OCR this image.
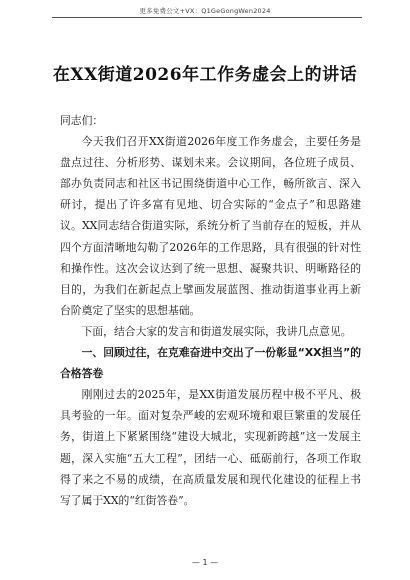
更多免费公文+VX：Q1GeGongWen2024
在XX街道2026年工作务虚会上的讲话

同志们：

今天我们召开XX街道2026年度工作务虚会，主要任务是盘点过往、分析形势、谋划未来。会议期间，各位班子成员、部办负责同志和社区书记围绕街道中心工作，畅所欲言、深入研讨，提出了许多富有见地、切合实际的“金点子”和思路建议。XX同志结合街道实际，系统分析了当前存在的短板，并从四个方面清晰地勾勒了2026年的工作思路，具有很强的针对性和操作性。这次会议达到了统一思想、凝聚共识、明晰路径的目的，为我们在新起点上擘画发展蓝图、推动街道事业再上新台阶奠定了坚实的思想基础。

下面，结合大家的发言和街道发展实际，我讲几点意见。

一、回顾过往，在克难奋进中交出了一份彰显“XX担当”的合格答卷

刚刚过去的2025年，是XX街道发展历程中极不平凡、极具考验的一年。面对复杂严峻的宏观环境和艰巨繁重的发展任务，街道上下紧紧围绕“建设大城北，实现新跨越”这一发展主题，深入实施“五大工程”，团结一心、砥砺前行，各项工作取得了来之不易的成绩，在高质量发展和现代化建设的征程上书写了属于XX的“红街答卷”。

— 1 —
